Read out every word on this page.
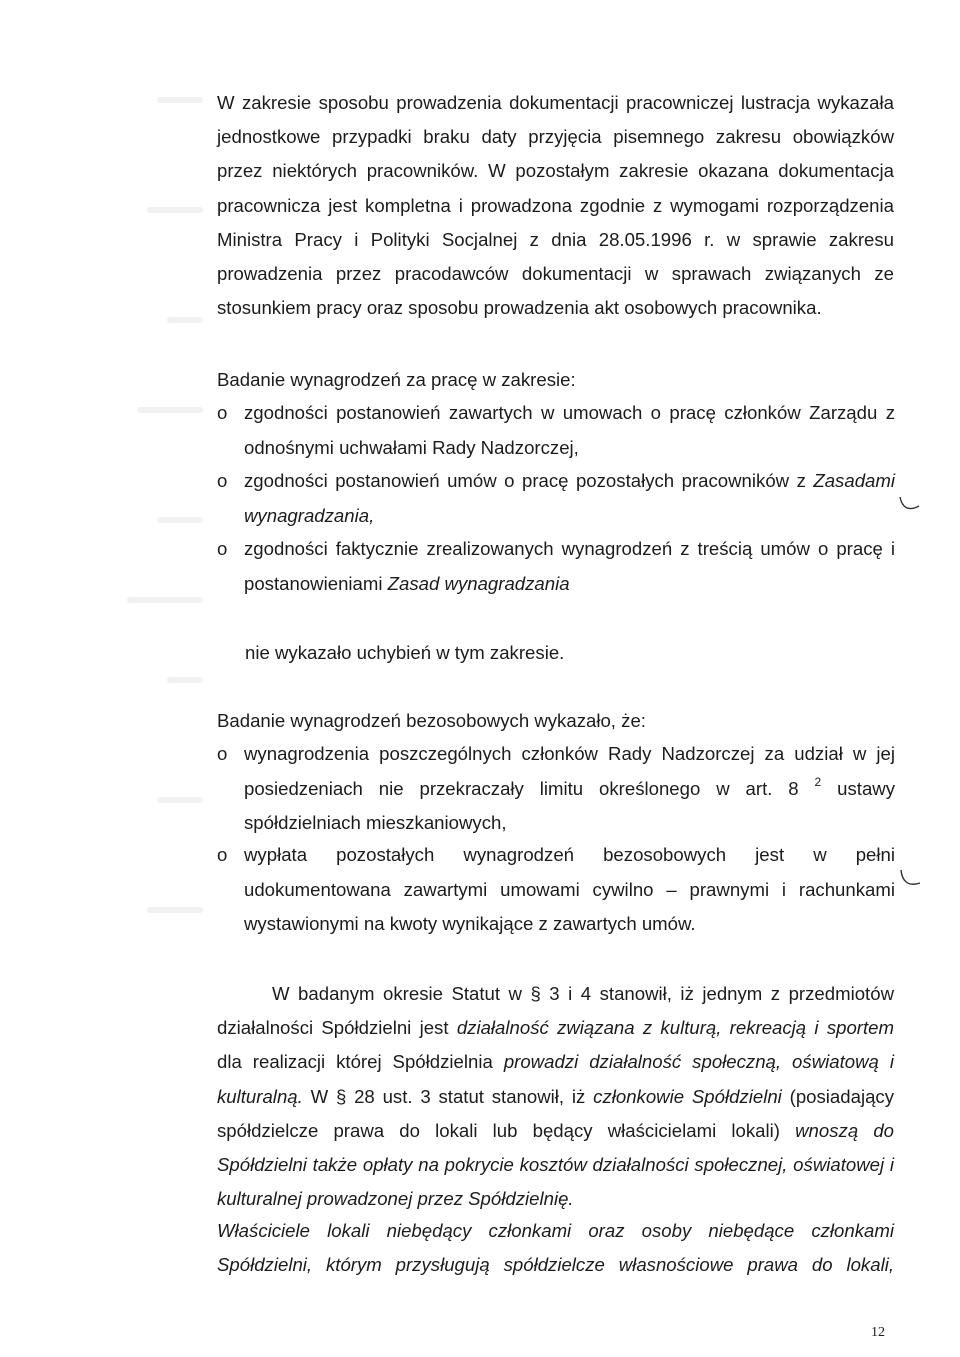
W zakresie sposobu prowadzenia dokumentacji pracowniczej lustracja wykazała jednostkowe przypadki braku daty przyjęcia pisemnego zakresu obowiązków przez niektórych pracowników. W pozostałym zakresie okazana dokumentacja pracownicza jest kompletna i prowadzona zgodnie z wymogami rozporządzenia Ministra Pracy i Polityki Socjalnej z dnia 28.05.1996 r. w sprawie zakresu prowadzenia przez pracodawców dokumentacji w sprawach związanych ze stosunkiem pracy oraz sposobu prowadzenia akt osobowych pracownika.
Badanie wynagrodzeń za pracę w zakresie:
o zgodności postanowień zawartych w umowach o pracę członków Zarządu z odnośnymi uchwałami Rady Nadzorczej,
o zgodności postanowień umów o pracę pozostałych pracowników z Zasadami wynagradzania,
o zgodności faktycznie zrealizowanych wynagrodzeń z treścią umów o pracę i postanowieniami Zasad wynagradzania
nie wykazało uchybień w tym zakresie.
Badanie wynagrodzeń bezosobowych wykazało, że:
o wynagrodzenia poszczególnych członków Rady Nadzorczej za udział w jej posiedzeniach nie przekraczały limitu określonego w art. 8 $^2$ ustawy spółdzielniach mieszkaniowych,
o wypłata pozostałych wynagrodzeń bezosobowych jest w pełni udokumentowana zawartymi umowami cywilno – prawnymi i rachunkami wystawionymi na kwoty wynikające z zawartych umów.
W badanym okresie Statut w § 3 i 4 stanowił, iż jednym z przedmiotów działalności Spółdzielni jest działalność związana z kulturą, rekreacją i sportem dla realizacji której Spółdzielnia prowadzi działalność społeczną, oświatową i kulturalną. W § 28 ust. 3 statut stanowił, iż członkowie Spółdzielni (posiadający spółdzielcze prawa do lokali lub będący właścicielami lokali) wnoszą do Spółdzielni także opłaty na pokrycie kosztów działalności społecznej, oświatowej i kulturalnej prowadzonej przez Spółdzielnię.
Właściciele lokali niebędący członkami oraz osoby niebędące członkami Spółdzielni, którym przysługują spółdzielcze własnościowe prawa do lokali,
12
